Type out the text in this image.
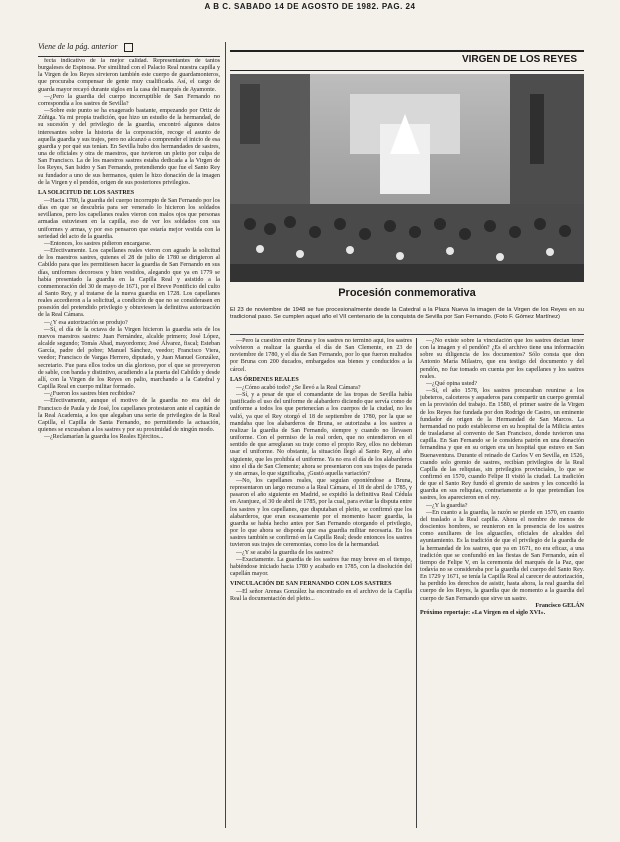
A B C. SABADO 14 DE AGOSTO DE 1982. PAG. 24
Viene de la pág. anterior
VIRGEN DE LOS REYES
Procesión conmemorativa
El 23 de noviembre de 1948 se fue procesionalmente desde la Catedral a la Plaza Nueva la imagen de la Virgen de los Reyes en su tradicional paso. Se cumplen aquel año el VII centenario de la conquista de Sevilla por San Fernando. (Foto F. Gómez Martínez)

fecta indicativo de la mejor calidad. Representantes de tantos burgaleses de Espinosa. Por similitud con el Palacio Real nuestra capilla y la Virgen de los Reyes sirvieron también este cuerpo de guardamonteros, que procuraba compensar de gente muy cualificada. Así, el cargo de guarda mayor recayó durante siglos en la casa del marqués de Ayamonte.

—¿Pero la guardia del cuerpo incorruptible de San Fernando no correspondía a los sastres de Sevilla?

—Sobre este punto se ha exagerado bastante, empezando por Ortiz de Zúñiga. Ya mi propia tradición, que hizo un estudio de la hermandad, de su sucesión y del privilegio de la guardia, encontró algunos datos interesantes sobre la historia de la corporación, recoge el asunto de aquella guardia y sus trajes, pero no alcanzó a comprender el inicio de esa guardia y por qué sus tenían. En Sevilla hubo dos hermandades de sastres, una de oficiales y otra de maestros, que tuvieron un pleito por culpa de San Francisco. La de los maestros sastres estaba dedicada a la Virgen de los Reyes, San Isidro y San Fernando, pretendiendo que fue el Santo Rey su fundador a uno de sus hermanos, quien le hizo donación de la imagen de la Virgen y el pendón, origen de sus posteriores privilegios.

LA SOLICITUD DE LOS SASTRES

—Hacia 1780, la guardia del cuerpo incorrupto de San Fernando por los días en que se descubría para ser venerado lo hicieron los soldados sevillanos, pero los capellanes reales vieron con malos ojos que personas armadas estuviesen en la capilla, eso de ver los soldados con sus uniformes y armas, y por eso pensaron que estaría mejor vestida con la seriedad del acto de la guardia.

—Entonces, los sastres pidieron encargarse.

—Efectivamente. Los capellanes reales vieron con agrado la solicitud de los maestros sastres, quienes el 28 de julio de 1780 se dirigieron al Cabildo para que les permitiesen hacer la guardia de San Fernando en sus días, uniformes decorosos y bien vestidos, alegando que ya en 1779 se había presentado la guardia en la Capilla Real y asistido a la conmemoración del 30 de mayo de 1671, por el Breve Pontificio del culto al Santo Rey, y al tratarse de la nueva guardia en 1728. Los capellanes reales accedieron a la solicitud, a condición de que no se considerasen en posesión del pretendido privilegio y obtuviesen la definitiva autorización de la Real Cámara.

—¿Y esa autorización se produjo?

—Sí, el día de la octava de la Virgen hicieron la guardia seis de los nuevos maestros sastres: Juan Fernández, alcalde primero; José López, alcalde segundo; Tomás Abad, mayordomo; José Álvarez, fiscal; Esteban García, padre del pobre; Manuel Sánchez, veedor; Francisco Viera, veedor; Francisco de Vargas Herrero, diputado, y Juan Manuel González, secretario. Fue para ellos todos un día glorioso, por el que se proveyeron de sable, con banda y distintivo, acudiendo a la puerta del Cabildo y desde allí, con la Virgen de los Reyes en palio, marchando a la Catedral y Capilla Real en cuerpo militar formado.

—¿Fueron los sastres bien recibidos?

—Efectivamente, aunque el motivo de la guardia no era del de Francisco de Paula y de José, los capellanes protestaron ante el capitán de la Real Academia, a los que alegaban una serie de privilegios de la Real Capilla, el Capilla de Santa Fernando, no permitiendo la actuación, quienes se excusaban a los sastres y por su proximidad de ningún modo.

—¿Reclamarían la guardia los Reales Ejércitos...

—Pero la cuestión entre Bruna y los sastres no terminó aquí, los sastres volvieron a realizar la guardia el día de San Clemente, en 23 de noviembre de 1780, y el día de San Fernando, por lo que fueron multados por Bruna con 200 ducados, embargados sus bienes y conducidos a la cárcel.

LAS ÓRDENES REALES

—¿Cómo acabó todo? ¿Se llevó a la Real Cámara?

—Sí, y a pesar de que el comandante de las tropas de Sevilla había justificado el uso del uniforme de alabardero diciendo que servía como de uniforme a todos los que pertenecían a los cuerpos de la ciudad, no les valió, ya que el Rey otorgó el 18 de septiembre de 1780, por la que se mandaba que los alabarderos de Bruna, se autorizaba a los sastres a realizar la guardia de San Fernando, siempre y cuando no llevasen uniforme. Con el permiso de la real orden, que no entendieron en el sentido de que arreglaran su traje como el propio Rey, ellos no debieran usar el uniforme. No obstante, la situación llegó al Santo Rey, al año siguiente, que les prohibía el uniforme. Ya no era el día de los alabarderos sino el día de San Clemente; ahora se presentaron con sus trajes de parada y sin armas, lo que significaba, ¡Gustó aquella variación?

—No, los capellanes reales, que seguían oponiéndose a Bruna, representaron un largo recurso a la Real Cámara, el 18 de abril de 1785, y pasaron el año siguiente en Madrid, se expidió la definitiva Real Cédula en Aranjuez, el 30 de abril de 1785, por la cual, para evitar la disputa entre los sastres y los capellanes, que disputaban el pleito, se confirmó que los alabarderos, que eran escasamente por el momento hacer guardia, la guardia se había hecho antes por San Fernando otorgando el privilegio, por lo que ahora se disponía que esa guardia militar necesaria. En los sastres también se confirmó en la Capilla Real; desde entonces los sastres tuvieron sus trajes de ceremonias, como los de la hermandad.

—¿Y se acabó la guardia de los sastres?

—Exactamente. La guardia de los sastres fue muy breve en el tiempo, habiéndose iniciado hacia 1780 y acabado en 1785, con la disolución del capellán mayor.

VINCULACIÓN DE SAN FERNANDO CON LOS SASTRES

—El señor Arenas González ha encontrado en el archivo de la Capilla Real la documentación del pleito...

—¿No existe sobre la vinculación que los sastres decían tener con la imagen y el pendón? ¿Es el archivo tiene una información sobre su diligencia de los documentos? Sólo consta que don Antonio María Milastro, que era testigo del documento y del pendón, no fue tomado en cuenta por los capellanes y los sastres reales.

—¿Qué opina usted?

—Sí, el año 1578, los sastres procuraban reunirse a los jubeteros, calceteros y aspaderos para compartir un cuerpo gremial en la provisión del trabajo. En 1580, el primer sastre de la Virgen de los Reyes fue fundada por don Rodrigo de Castro, un eminente fundador de origen de la Hermandad de San Marcos. La hermandad no pudo establecerse en su hospital de la Milicia antes de trasladarse al convento de San Francisco, donde tuvieron una capilla. En San Fernando se le considera patrón en una donación fernandina y que en su origen era un hospital que estuvo en San Buenaventura. Durante el reinado de Carlos V en Sevilla, en 1526, cuando solo gremio de sastres, recibían privilegios de la Real Capilla de las reliquias, sin privilegios provinciales, lo que se confirmó en 1570, cuando Felipe II visitó la ciudad. La tradición de que el Santo Rey fundó el gremio de sastres y les concedió la guardia en sus reliquias, contrariamente a lo que pretendían los sastres, los aparecieron en el rey.

—¿Y la guardia?

—En cuanto a la guardia, la razón se pierde en 1570, en cuanto del traslado a la Real capilla. Ahora el nombre de menos de doscientos hombres, se reunieron en la presencia de los sastres como auxiliares de los alguaciles, oficiales de alcaldes del ayuntamiento. Es la tradición de que el privilegio de la guardia de la hermandad de los sastres, que ya en 1671, no era eficaz, a una tradición que se confundió en las fiestas de San Fernando, aún el tiempo de Felipe V, en la ceremonia del marqués de la Paz, que todavía no se consideraba por la guardia del cuerpo del Santo Rey. En 1729 y 1671, se tenía la Capilla Real al carecer de autorización, ha perdido los derechos de asistir, hasta ahora, la real guardia del cuerpo de los Reyes, la guardia que de momento a la guardia del cuerpo de San Fernando que sirve un sastre.

Francisco GELÁN

Próximo reportaje: «La Virgen en el siglo XVI».
